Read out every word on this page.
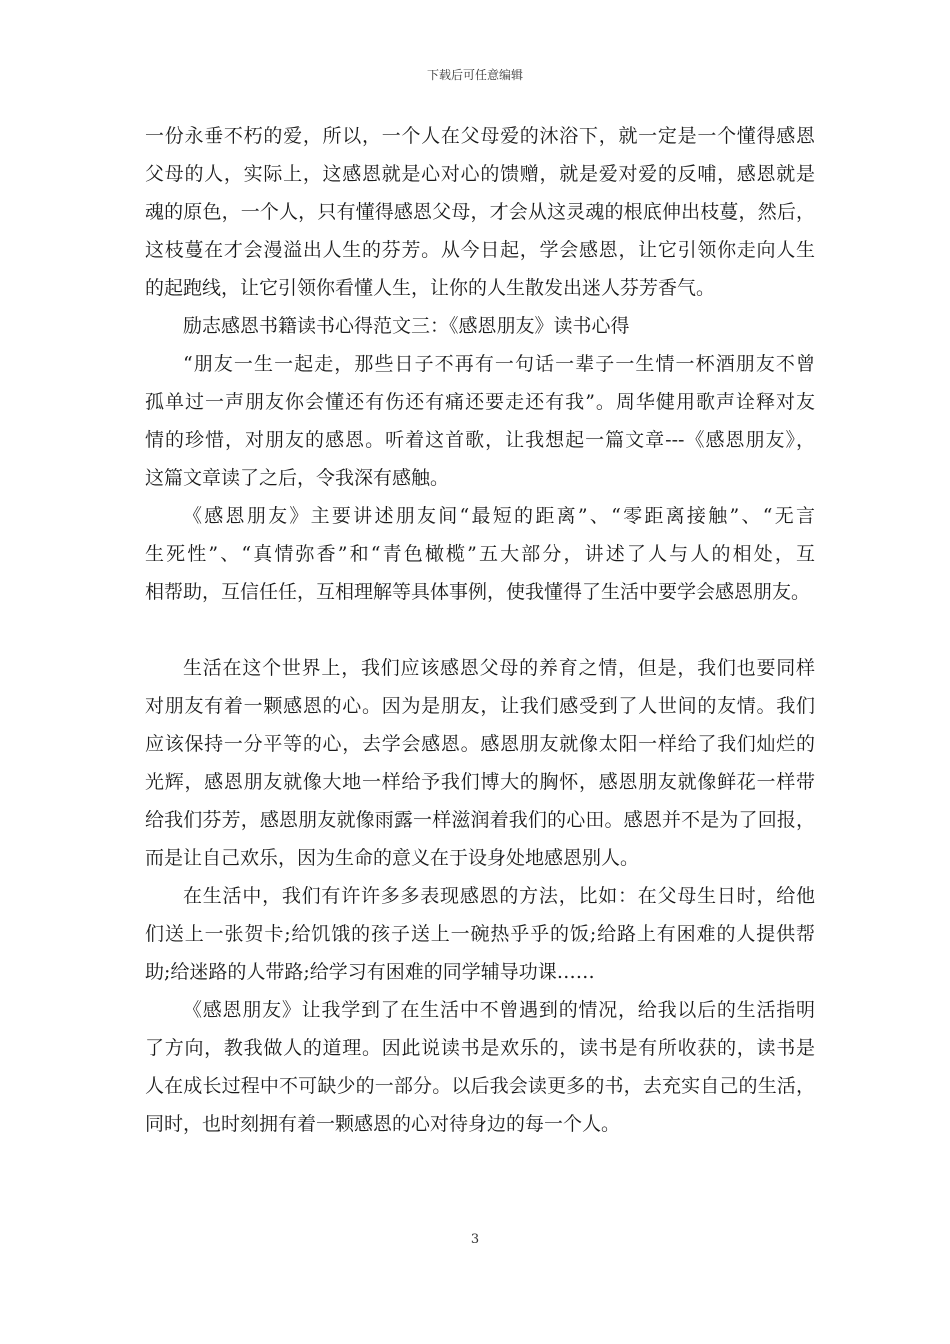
下载后可任意编辑
一份永垂不朽的爱，所以，一个人在父母爱的沐浴下，就一定是一个懂得感恩
父母的人，实际上，这感恩就是心对心的馈赠，就是爱对爱的反哺，感恩就是
魂的原色，一个人，只有懂得感恩父母，才会从这灵魂的根底伸出枝蔓，然后，
这枝蔓在才会漫溢出人生的芬芳。从今日起，学会感恩，让它引领你走向人生
的起跑线，让它引领你看懂人生，让你的人生散发出迷人芬芳香气。
励志感恩书籍读书心得范文三：《感恩朋友》读书心得
“朋友一生一起走，那些日子不再有一句话一辈子一生情一杯酒朋友不曾
孤单过一声朋友你会懂还有伤还有痛还要走还有我”。周华健用歌声诠释对友
情的珍惜，对朋友的感恩。听着这首歌，让我想起一篇文章---《感恩朋友》，
这篇文章读了之后，令我深有感触。
《感恩朋友》主要讲述朋友间“最短的距离”、“零距离接触”、“无言
生死性”、“真情弥香”和“青色橄榄”五大部分，讲述了人与人的相处，互
相帮助，互信任任，互相理解等具体事例，使我懂得了生活中要学会感恩朋友。
生活在这个世界上，我们应该感恩父母的养育之情，但是，我们也要同样
对朋友有着一颗感恩的心。因为是朋友，让我们感受到了人世间的友情。我们
应该保持一分平等的心，去学会感恩。感恩朋友就像太阳一样给了我们灿烂的
光辉，感恩朋友就像大地一样给予我们博大的胸怀，感恩朋友就像鲜花一样带
给我们芬芳，感恩朋友就像雨露一样滋润着我们的心田。感恩并不是为了回报，
而是让自己欢乐，因为生命的意义在于设身处地感恩别人。
在生活中，我们有许许多多表现感恩的方法，比如：在父母生日时，给他
们送上一张贺卡;给饥饿的孩子送上一碗热乎乎的饭;给路上有困难的人提供帮
助;给迷路的人带路;给学习有困难的同学辅导功课……
《感恩朋友》让我学到了在生活中不曾遇到的情况，给我以后的生活指明
了方向，教我做人的道理。因此说读书是欢乐的，读书是有所收获的，读书是
人在成长过程中不可缺少的一部分。以后我会读更多的书，去充实自己的生活，
同时，也时刻拥有着一颗感恩的心对待身边的每一个人。
3
